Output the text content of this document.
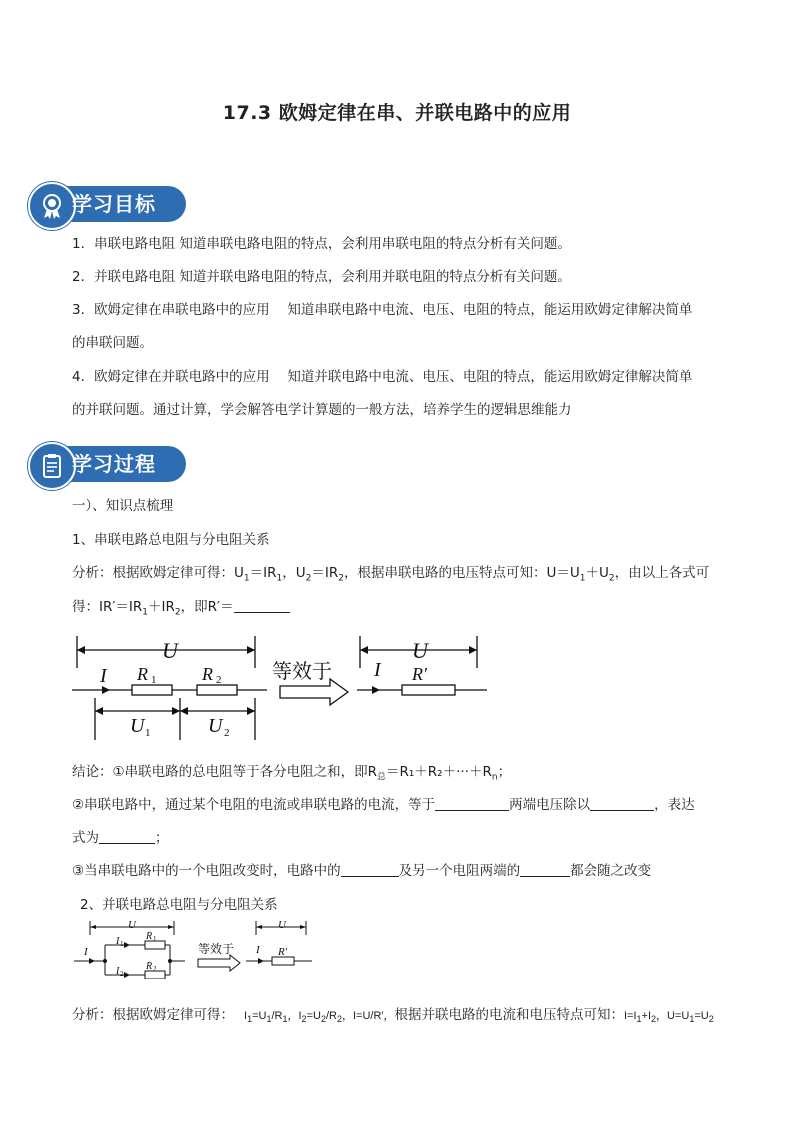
17.3 欧姆定律在串、并联电路中的应用
学习目标
1．串联电路电阻 知道串联电路电阻的特点，会利用串联电阻的特点分析有关问题。
2．并联电路电阻 知道并联电路电阻的特点，会利用并联电阻的特点分析有关问题。
3．欧姆定律在串联电路中的应用　 知道串联电路中电流、电压、电阻的特点，能运用欧姆定律解决简单
的串联问题。
4．欧姆定律在并联电路中的应用　 知道并联电路中电流、电压、电阻的特点，能运用欧姆定律解决简单
的并联问题。通过计算，学会解答电学计算题的一般方法，培养学生的逻辑思维能力
学习过程
一）、知识点梳理
1、串联电路总电阻与分电阻关系
分析：根据欧姆定律可得：$U_1=IR_1$，$U_2=IR_2$，根据串联电路的电压特点可知：$U=U_1+U_2$，由以上各式可
得：$IR'=IR_1+IR_2$，即R′＝
U
I R 1	R 2
U 1	U 2
U
I R′
等效于
结论：①串联电路的总电阻等于各分电阻之和，即$R_总=R_1+R_2+\cdot\cdot\cdot+R_n$；
②串联电路中，通过某个电阻的电流或串联电路的电流，等于	两端电压除以	，表达
式为	；
③当串联电路中的一个电阻改变时，电路中的	及另一个电阻两端的	都会随之改变
2、并联电路总电阻与分电阻关系
U
I
I 1
I 2
R 1
R 2
U
I R′
等效于
分析：根据欧姆定律可得： $I_1=U_1/R_1$，$I_2=U_2/R_2$，I=U/R′，根据并联电路的电流和电压特点可知：$I=I_1+I_2$，$U=U_1=U_2$
